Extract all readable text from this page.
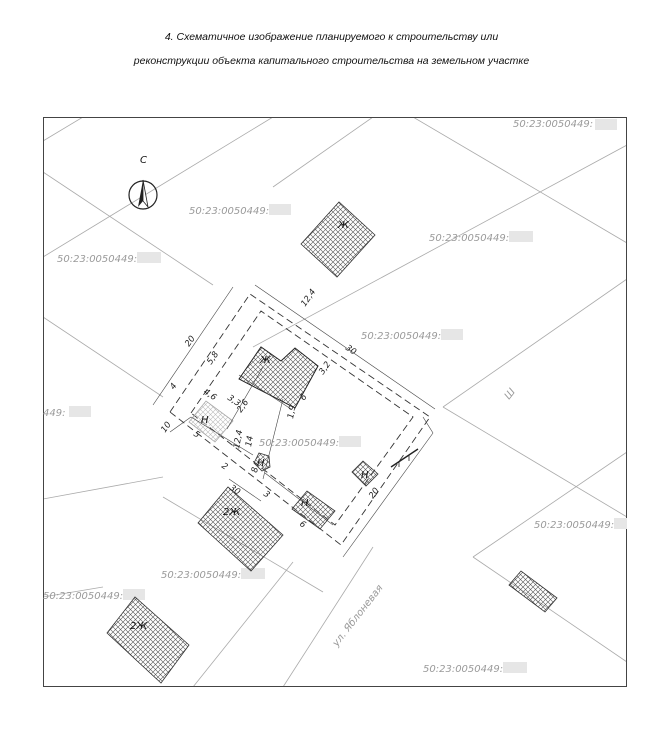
4. Схематичное изображение планируемого к строительству или
реконструкции объекта капитального строительства на земельном участке
С
50:23:0050449:
50:23:0050449:
50:23:0050449:
50:23:0050449:
50:23:0050449:
449:
50:23:0050449:
50:23:0050449:
50:23:0050449:
50:23:0050449:
50:23:0050449:
ул. Яблоневая
Ш
Ж
2Ж
2Ж
Ж
Н
Н
Н
Н
20
12,4
30
5,8
3,2
4
4,6 3,3
2,6
6
1,9
12,4
14
8
20
6
10
5
2
3
30
